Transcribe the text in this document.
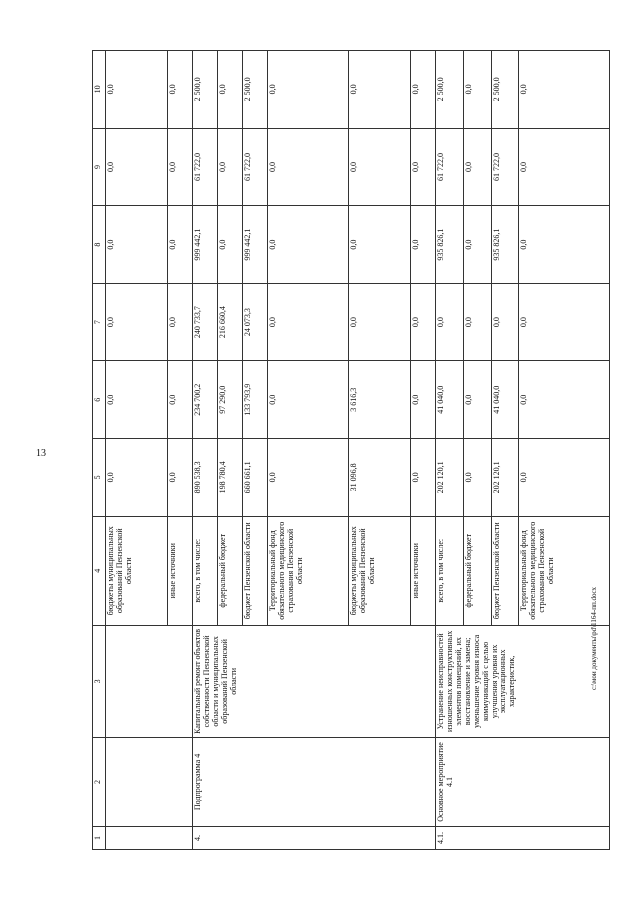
13
c:\мои документы\pd\1164-пп.docx
1	2	3	4	5	6	7	8	9	10
			бюджеты муниципальных образований Пензенской области	0,0	0,0	0,0	0,0	0,0	0,0
			иные источники	0,0	0,0	0,0	0,0	0,0	0,0
4.	Подпрограмма 4	Капитальный ремонт объектов собственности Пензенской области и муниципальных образований Пензенской области	всего, в том числе:	890 538,3	234 700,2	240 733,7	999 442,1	61 722,0	2 500,0
			федеральный бюджет	198 780,4	97 290,0	216 660,4	0,0	0,0	0,0
			бюджет Пензенской области	660 661,1	133 793,9	24 073,3	999 442,1	61 722,0	2 500,0
			Территориальный фонд обязательного медицинского страхования Пензенской области	0,0	0,0	0,0	0,0	0,0	0,0
			бюджеты муниципальных образований Пензенской области	31 096,8	3 616,3	0,0	0,0	0,0	0,0
			иные источники	0,0	0,0	0,0	0,0	0,0	0,0
4.1.	Основное мероприятие 4.1	Устранение неисправностей изношенных конструктивных элементов помещений, их восстановление и замена; уменьшение уровня износа коммуникаций с целью улучшения уровня их эксплуатационных характеристик,	всего, в том числе:	202 120,1	41 040,0	0,0	935 826,1	61 722,0	2 500,0
			федеральный бюджет	0,0	0,0	0,0	0,0	0,0	0,0
			бюджет Пензенской области	202 120,1	41 040,0	0,0	935 826,1	61 722,0	2 500,0
			Территориальный фонд обязательного медицинского страхования Пензенской области	0,0	0,0	0,0	0,0	0,0	0,0
